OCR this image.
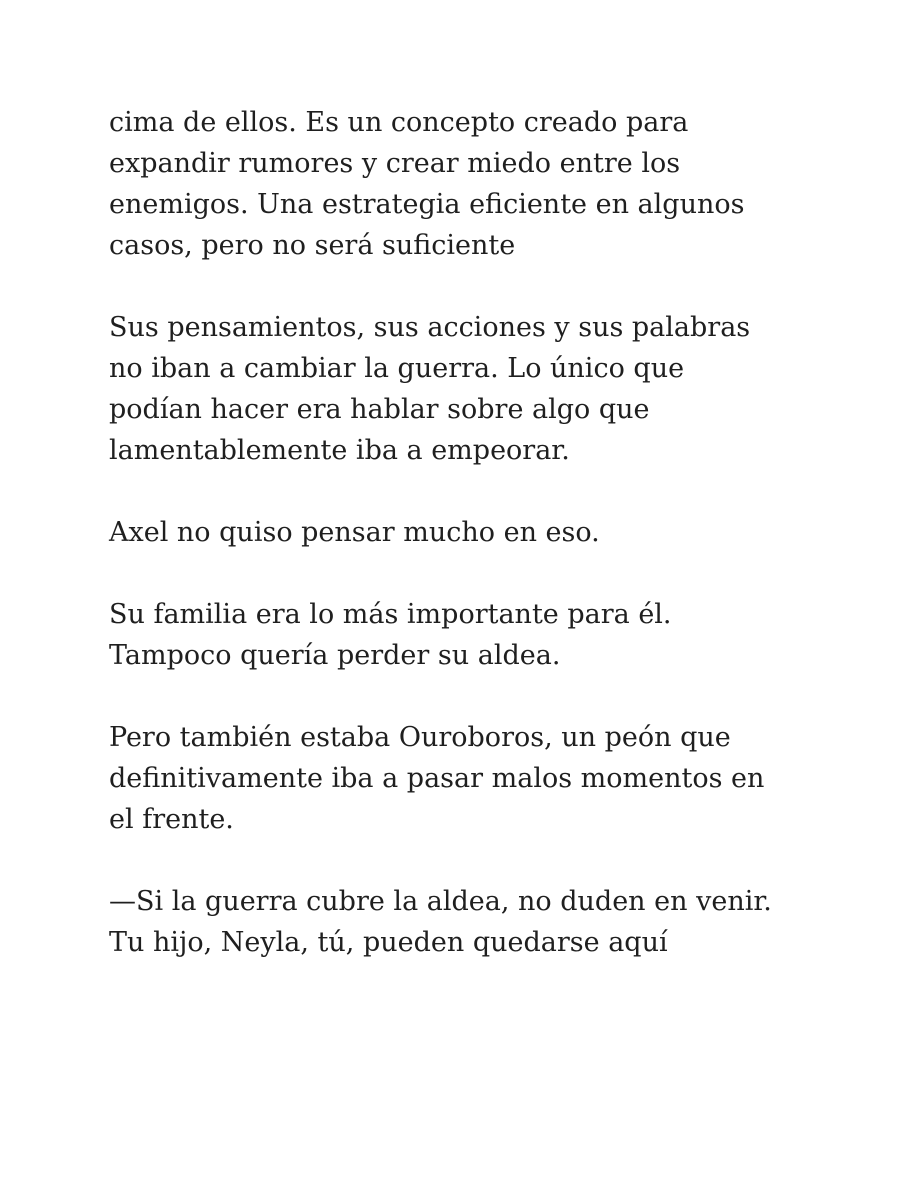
cima de ellos. Es un concepto creado para
expandir rumores y crear miedo entre los
enemigos. Una estrategia eficiente en algunos
casos, pero no será suficiente

Sus pensamientos, sus acciones y sus palabras
no iban a cambiar la guerra. Lo único que
podían hacer era hablar sobre algo que
lamentablemente iba a empeorar.

Axel no quiso pensar mucho en eso.

Su familia era lo más importante para él.
Tampoco quería perder su aldea.

Pero también estaba Ouroboros, un peón que
definitivamente iba a pasar malos momentos en
el frente.

—Si la guerra cubre la aldea, no duden en venir.
Tu hijo, Neyla, tú, pueden quedarse aquí
